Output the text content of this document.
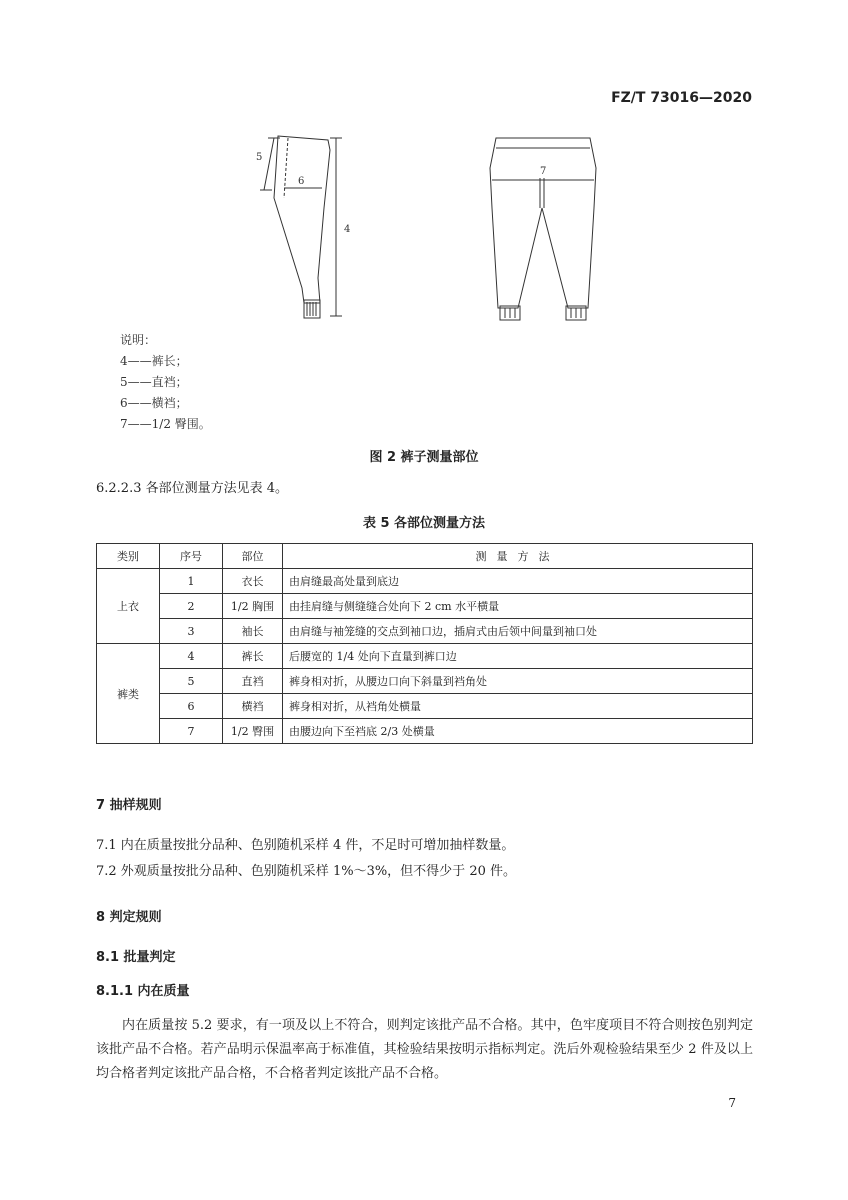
FZ/T 73016—2020
5
6
4
7
说明：
4——裤长；
5——直裆；
6——横裆；
7——1/2 臀围。
图 2 裤子测量部位
6.2.2.3 各部位测量方法见表 4。
表 5 各部位测量方法
类别	序号	部位	测量方法
上衣	1	衣长	由肩缝最高处量到底边
	2	1/2 胸围	由挂肩缝与侧缝缝合处向下 2 cm 水平横量
	3	袖长	由肩缝与袖笼缝的交点到袖口边，插肩式由后领中间量到袖口处
裤类	4	裤长	后腰宽的 1/4 处向下直量到裤口边
	5	直裆	裤身相对折，从腰边口向下斜量到裆角处
	6	横裆	裤身相对折，从裆角处横量
	7	1/2 臀围	由腰边向下至裆底 2/3 处横量
7 抽样规则
7.1 内在质量按批分品种、色别随机采样 4 件，不足时可增加抽样数量。
7.2 外观质量按批分品种、色别随机采样 1%～3%，但不得少于 20 件。
8 判定规则
8.1 批量判定
8.1.1 内在质量
内在质量按 5.2 要求，有一项及以上不符合，则判定该批产品不合格。其中，色牢度项目不符合则按色别判定该批产品不合格。若产品明示保温率高于标准值，其检验结果按明示指标判定。洗后外观检验结果至少 2 件及以上均合格者判定该批产品合格，不合格者判定该批产品不合格。
7
